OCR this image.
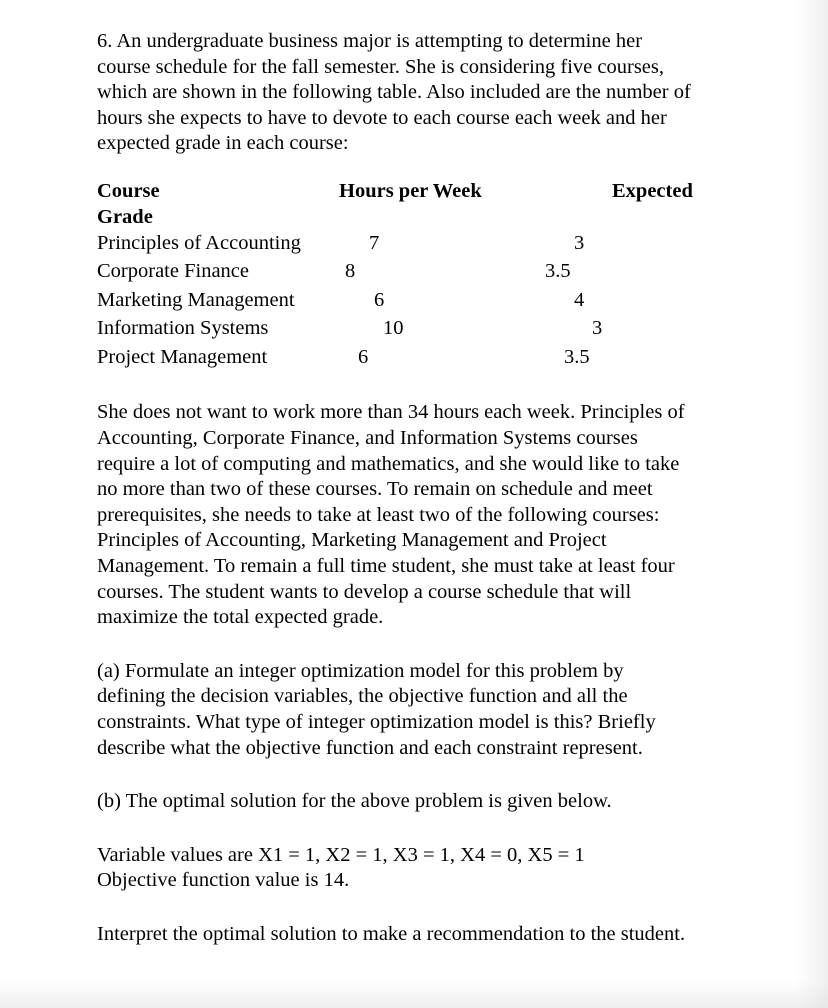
6. An undergraduate business major is attempting to determine her
course schedule for the fall semester. She is considering five courses,
which are shown in the following table. Also included are the number of
hours she expects to have to devote to each course each week and her
expected grade in each course:
Course	Hours per Week	Expected
Grade
Principles of Accounting	7	3
Corporate Finance	8	3.5
Marketing Management	6	4
Information Systems	10	3
Project Management	6	3.5
She does not want to work more than 34 hours each week. Principles of
Accounting, Corporate Finance, and Information Systems courses
require a lot of computing and mathematics, and she would like to take
no more than two of these courses. To remain on schedule and meet
prerequisites, she needs to take at least two of the following courses:
Principles of Accounting, Marketing Management and Project
Management. To remain a full time student, she must take at least four
courses. The student wants to develop a course schedule that will
maximize the total expected grade.
(a) Formulate an integer optimization model for this problem by
defining the decision variables, the objective function and all the
constraints. What type of integer optimization model is this? Briefly
describe what the objective function and each constraint represent.
(b) The optimal solution for the above problem is given below.
Variable values are X1 = 1, X2 = 1, X3 = 1, X4 = 0, X5 = 1
Objective function value is 14.
Interpret the optimal solution to make a recommendation to the student.
